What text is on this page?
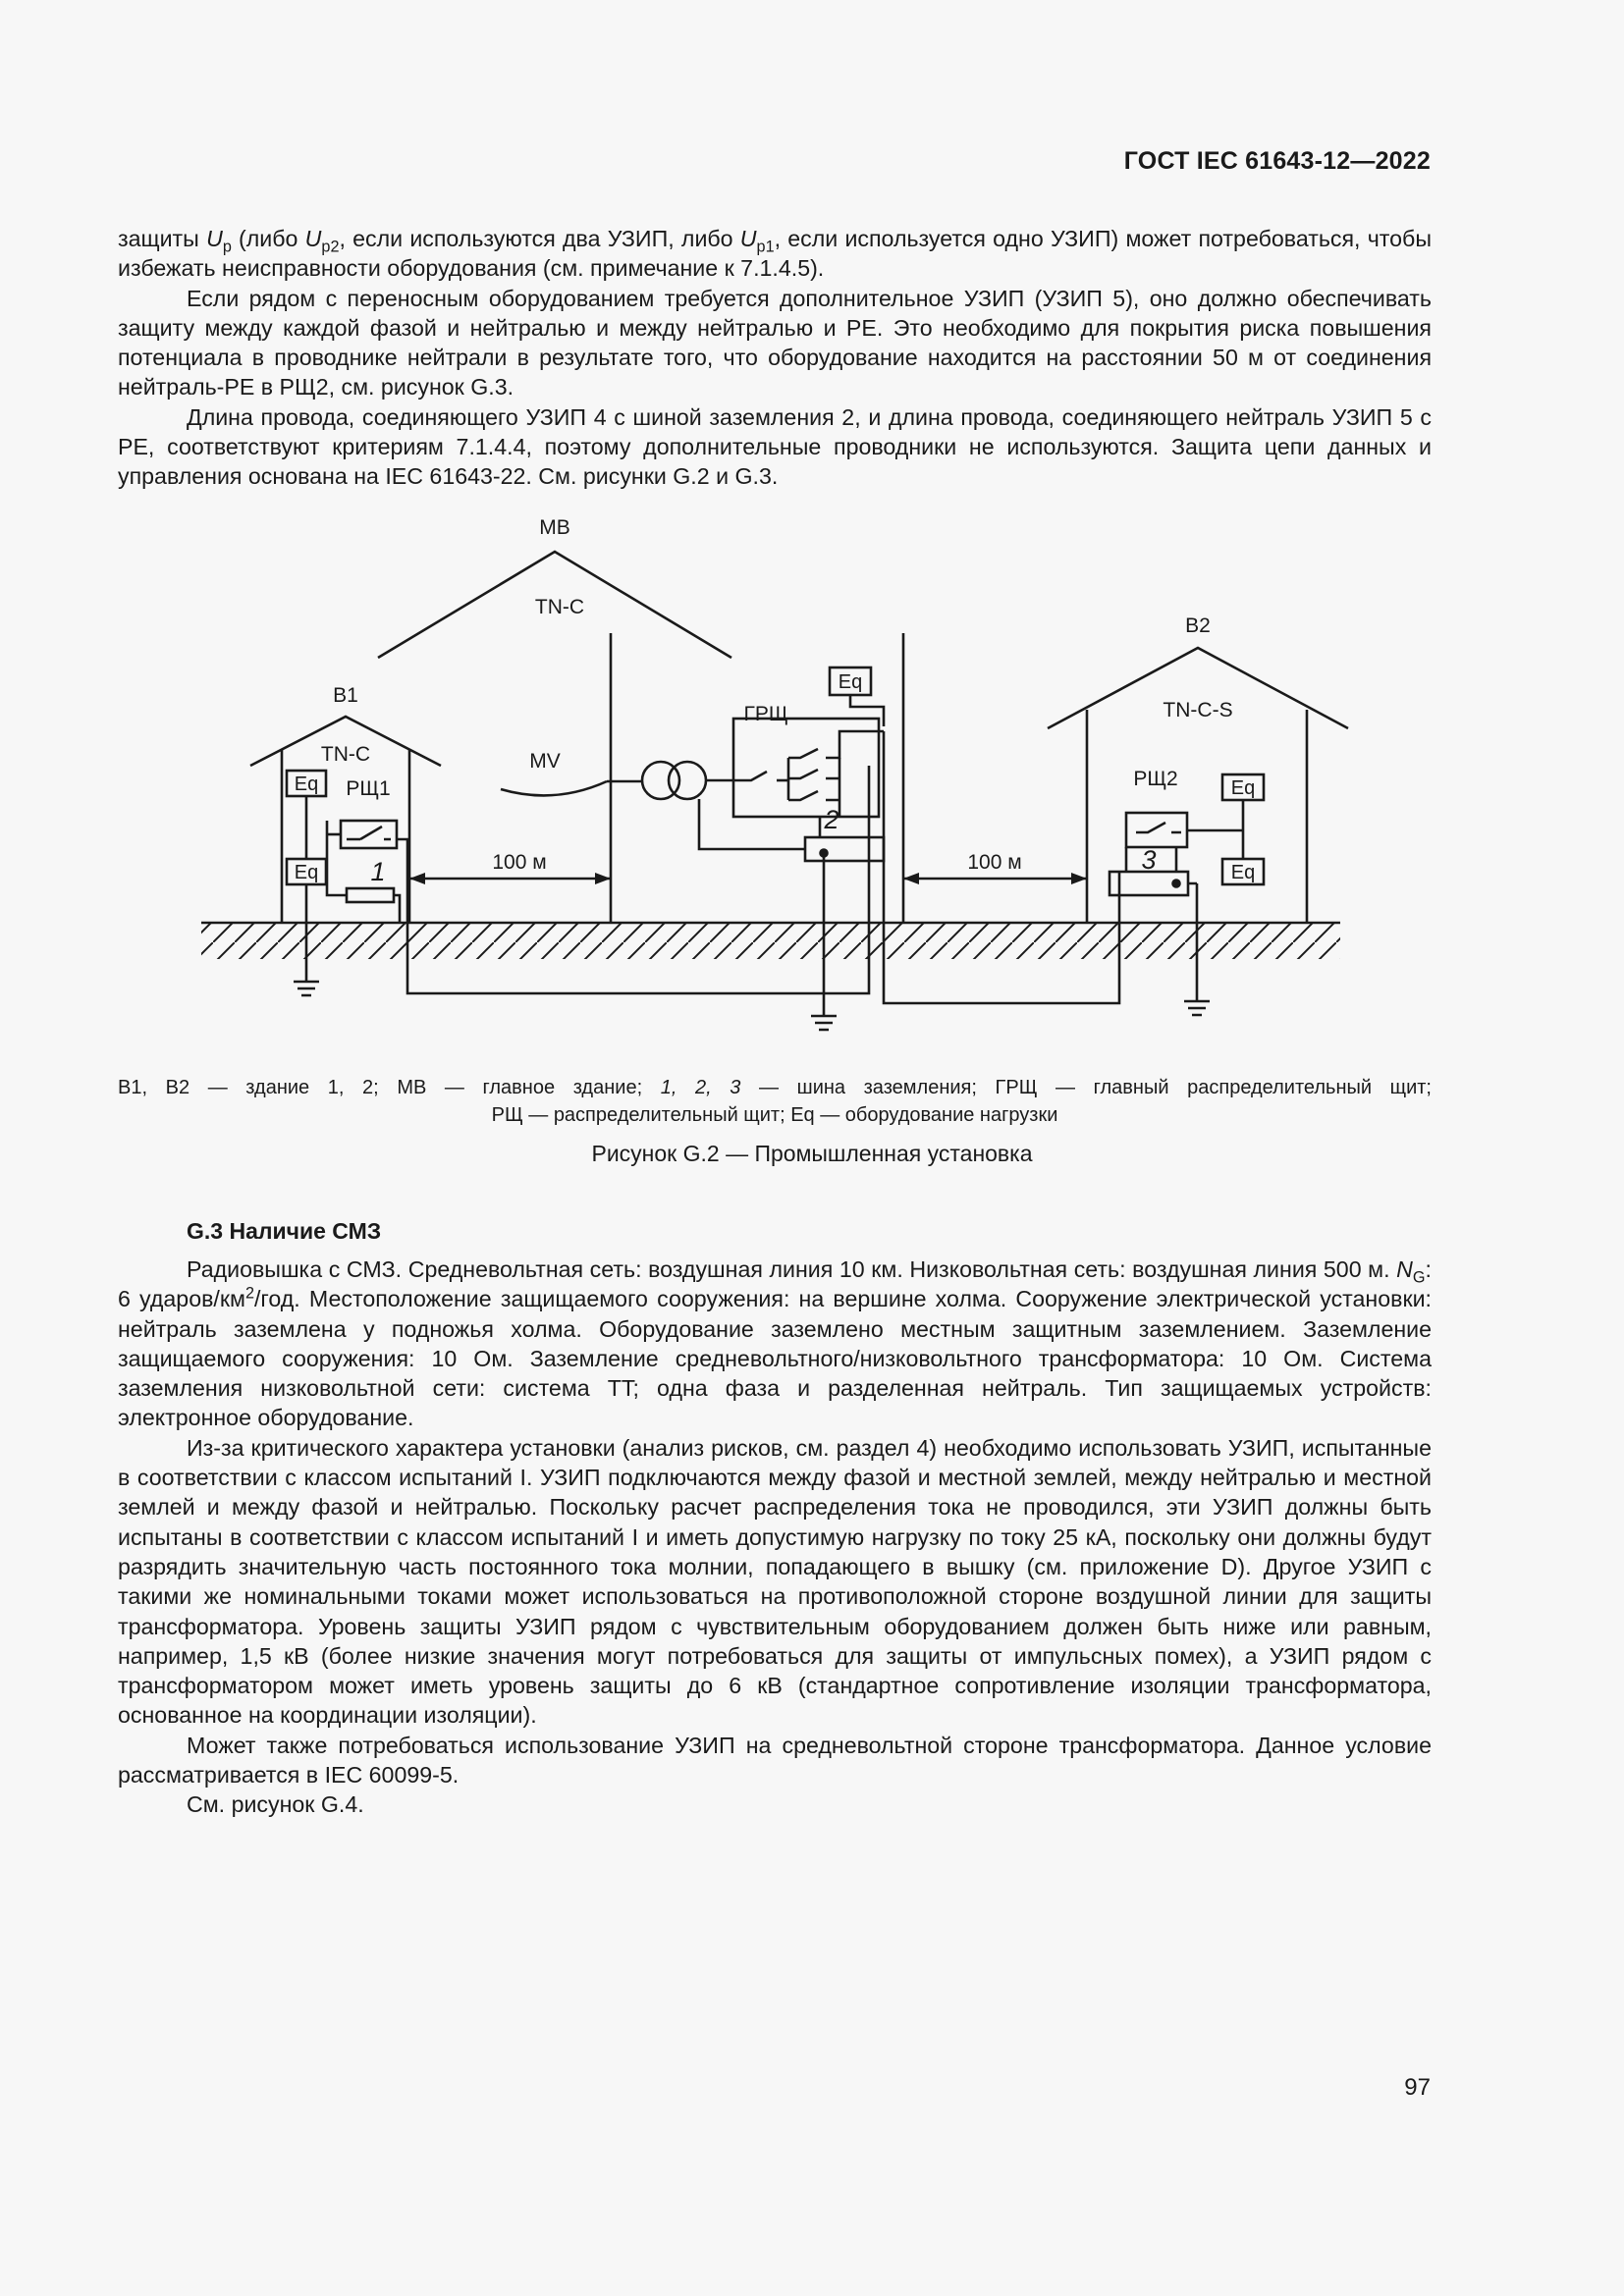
ГОСТ IEC 61643-12—2022

защиты $U_p$ (либо $U_{p2}$, если используются два УЗИП, либо $U_{p1}$, если используется одно УЗИП) может потребоваться, чтобы избежать неисправности оборудования (см. примечание к 7.1.4.5).

Если рядом с переносным оборудованием требуется дополнительное УЗИП (УЗИП 5), оно должно обеспечивать защиту между каждой фазой и нейтралью и между нейтралью и PE. Это необходимо для покрытия риска повышения потенциала в проводнике нейтрали в результате того, что оборудование находится на расстоянии 50 м от соединения нейтраль-PE в РЩ2, см. рисунок G.3.

Длина провода, соединяющего УЗИП 4 с шиной заземления 2, и длина провода, соединяющего нейтраль УЗИП 5 с PE, соответствуют критериям 7.1.4.4, поэтому дополнительные проводники не используются. Защита цепи данных и управления основана на IEC 61643-22. См. рисунки G.2 и G.3.

MB
TN-C
B1
TN-C
B2
TN-C-S
Eq
Eq
Eq
Eq
Eq
РЩ1	РЩ2
ГРЩ
MV
100 м	100 м
1
2
3
B1, B2 — здание 1, 2; MB — главное здание; 1, 2, 3 — шина заземления; ГРЩ — главный распределительный щит;
РЩ — распределительный щит; Eq — оборудование нагрузки
Рисунок G.2 — Промышленная установка
G.3 Наличие СМЗ

Радиовышка с СМЗ. Средневольтная сеть: воздушная линия 10 км. Низковольтная сеть: воздушная линия 500 м. $N_G$: 6 ударов/$км^2$/год. Местоположение защищаемого сооружения: на вершине холма. Сооружение электрической установки: нейтраль заземлена у подножья холма. Оборудование заземлено местным защитным заземлением. Заземление защищаемого сооружения: 10 Ом. Заземление средневольтного/низковольтного трансформатора: 10 Ом. Система заземления низковольтной сети: система TT; одна фаза и разделенная нейтраль. Тип защищаемых устройств: электронное оборудование.

Из-за критического характера установки (анализ рисков, см. раздел 4) необходимо использовать УЗИП, испытанные в соответствии с классом испытаний I. УЗИП подключаются между фазой и местной землей, между нейтралью и местной землей и между фазой и нейтралью. Поскольку расчет распределения тока не проводился, эти УЗИП должны быть испытаны в соответствии с классом испытаний I и иметь допустимую нагрузку по току 25 кА, поскольку они должны будут разрядить значительную часть постоянного тока молнии, попадающего в вышку (см. приложение D). Другое УЗИП с такими же номинальными токами может использоваться на противоположной стороне воздушной линии для защиты трансформатора. Уровень защиты УЗИП рядом с чувствительным оборудованием должен быть ниже или равным, например, 1,5 кВ (более низкие значения могут потребоваться для защиты от импульсных помех), а УЗИП рядом с трансформатором может иметь уровень защиты до 6 кВ (стандартное сопротивление изоляции трансформатора, основанное на координации изоляции).

Может также потребоваться использование УЗИП на средневольтной стороне трансформатора. Данное условие рассматривается в IEC 60099-5.

См. рисунок G.4.

97
